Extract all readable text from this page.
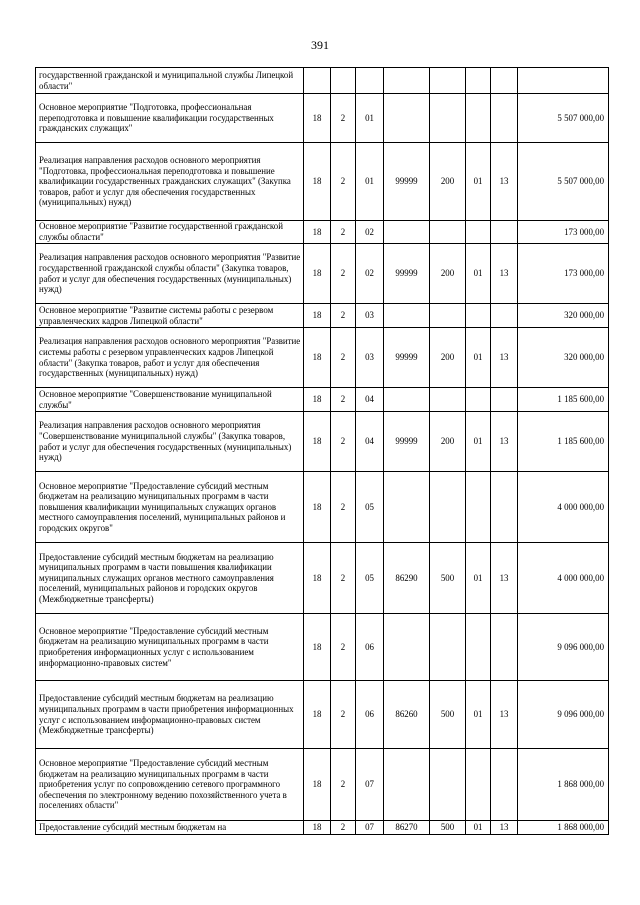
391
государственной гражданской и муниципальной службы Липецкой области"								
Основное мероприятие "Подготовка, профессиональная переподготовка и повышение квалификации государственных гражданских служащих"	18	2	01					5 507 000,00
Реализация направления расходов основного мероприятия "Подготовка, профессиональная переподготовка и повышение квалификации государственных гражданских служащих" (Закупка товаров, работ и услуг для обеспечения государственных (муниципальных) нужд)	18	2	01	99999	200	01	13	5 507 000,00
Основное мероприятие "Развитие государственной гражданской службы области"	18	2	02					173 000,00
Реализация направления расходов основного мероприятия "Развитие государственной гражданской службы области" (Закупка товаров, работ и услуг для обеспечения государственных (муниципальных) нужд)	18	2	02	99999	200	01	13	173 000,00
Основное мероприятие "Развитие системы работы с резервом управленческих кадров Липецкой области"	18	2	03					320 000,00
Реализация направления расходов основного мероприятия "Развитие системы работы с резервом управленческих кадров Липецкой области" (Закупка товаров, работ и услуг для обеспечения государственных (муниципальных) нужд)	18	2	03	99999	200	01	13	320 000,00
Основное мероприятие "Совершенствование муниципальной службы"	18	2	04					1 185 600,00
Реализация направления расходов основного мероприятия "Совершенствование муниципальной службы" (Закупка товаров, работ и услуг для обеспечения государственных (муниципальных) нужд)	18	2	04	99999	200	01	13	1 185 600,00
Основное мероприятие "Предоставление субсидий местным бюджетам на реализацию муниципальных программ в части повышения квалификации муниципальных служащих органов местного самоуправления поселений, муниципальных районов и городских округов"	18	2	05					4 000 000,00
Предоставление субсидий местным бюджетам на реализацию муниципальных программ в части повышения квалификации муниципальных служащих органов местного самоуправления поселений, муниципальных районов и городских округов (Межбюджетные трансферты)	18	2	05	86290	500	01	13	4 000 000,00
Основное мероприятие "Предоставление субсидий местным бюджетам на реализацию муниципальных программ в части приобретения информационных услуг с использованием информационно-правовых систем"	18	2	06					9 096 000,00
Предоставление субсидий местным бюджетам на реализацию муниципальных программ в части приобретения информационных услуг с использованием информационно-правовых систем (Межбюджетные трансферты)	18	2	06	86260	500	01	13	9 096 000,00
Основное мероприятие "Предоставление субсидий местным бюджетам на реализацию муниципальных программ в части приобретения услуг по сопровождению сетевого программного обеспечения по электронному ведению похозяйственного учета в поселениях области"	18	2	07					1 868 000,00
Предоставление субсидий местным бюджетам на	18	2	07	86270	500	01	13	1 868 000,00
